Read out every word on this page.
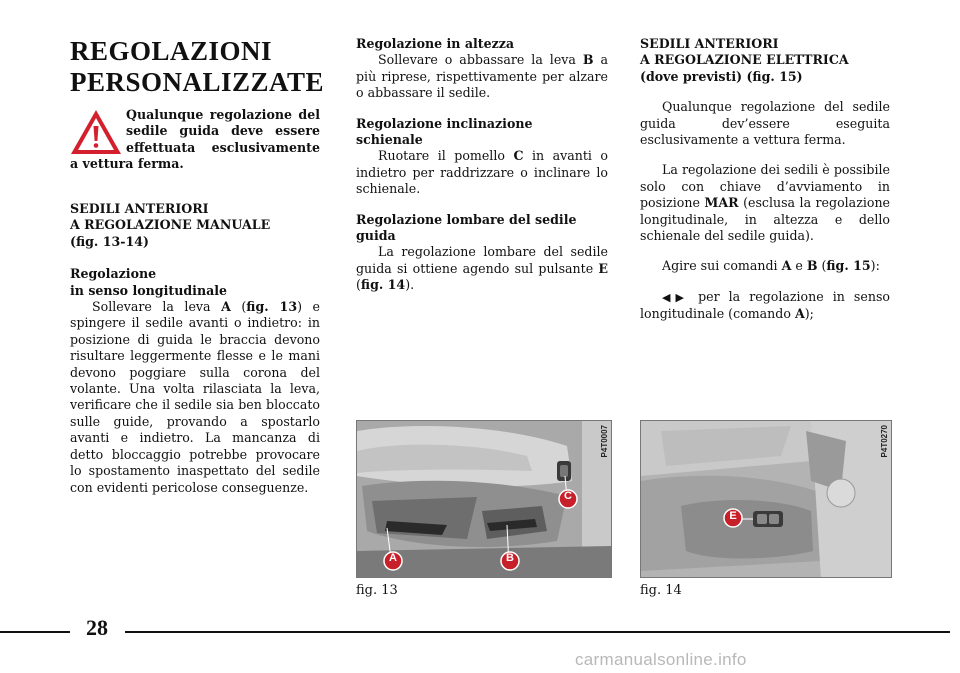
REGOLAZIONI
PERSONALIZZATE
Qualunque regolazione del sedile guida deve essere effettuata esclusivamente a vettura ferma.
SEDILI ANTERIORI
A REGOLAZIONE MANUALE
(fig. 13-14)
Regolazione
in senso longitudinale

Sollevare la leva A (fig. 13) e spingere il sedile avanti o indietro: in posizione di guida le braccia devono risultare leggermente flesse e le mani devono poggiare sulla corona del volante. Una volta rilasciata la leva, verificare che il sedile sia ben bloccato sulle guide, provando a spostarlo avanti e indietro. La mancanza di detto bloccaggio potrebbe provocare lo spostamento inaspettato del sedile con evidenti pericolose conseguenze.

Regolazione in altezza

Sollevare o abbassare la leva B a più riprese, rispettivamente per alzare o abbassare il sedile.

Regolazione inclinazione
schienale

Ruotare il pomello C in avanti o indietro per raddrizzare o inclinare lo schienale.

Regolazione lombare del sedile
guida

La regolazione lombare del sedile guida si ottiene agendo sul pulsante E (fig. 14).

SEDILI ANTERIORI
A REGOLAZIONE ELETTRICA
(dove previsti) (fig. 15)

Qualunque regolazione del sedile guida dev’essere eseguita esclusivamente a vettura ferma.

La regolazione dei sedili è possibile solo con chiave d’avviamento in posizione MAR (esclusa la regolazione longitudinale, in altezza e dello schienale del sedile guida).

Agire sui comandi A e B (fig. 15):

◀▶ per la regolazione in senso longitudinale (comando A);

A	B
C
P4T0007
fig. 13
E
P4T0270
fig. 14
28
carmanualsonline.info
